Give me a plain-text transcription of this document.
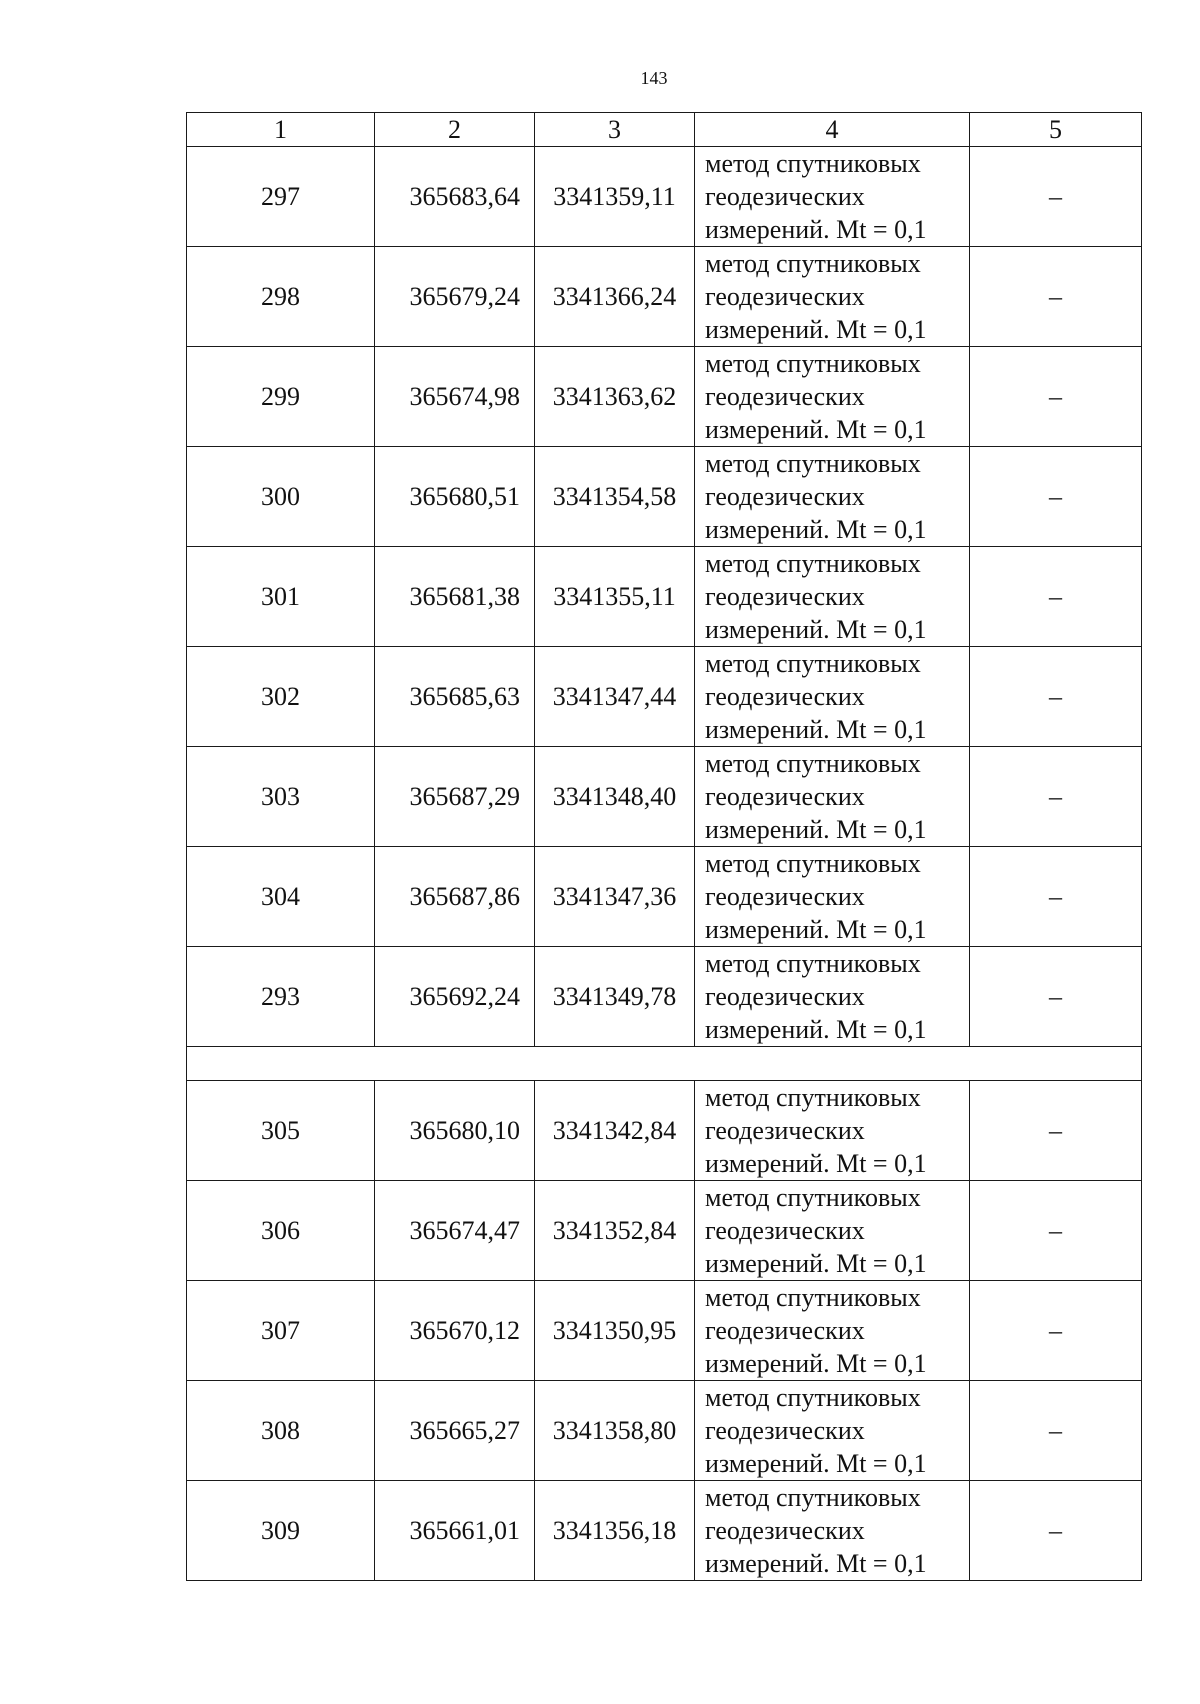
143
1	2	3	4	5
297	365683,64	3341359,11	метод спутниковых
геодезических
измерений. Mt = 0,1	–
298	365679,24	3341366,24	метод спутниковых
геодезических
измерений. Mt = 0,1	–
299	365674,98	3341363,62	метод спутниковых
геодезических
измерений. Mt = 0,1	–
300	365680,51	3341354,58	метод спутниковых
геодезических
измерений. Mt = 0,1	–
301	365681,38	3341355,11	метод спутниковых
геодезических
измерений. Mt = 0,1	–
302	365685,63	3341347,44	метод спутниковых
геодезических
измерений. Mt = 0,1	–
303	365687,29	3341348,40	метод спутниковых
геодезических
измерений. Mt = 0,1	–
304	365687,86	3341347,36	метод спутниковых
геодезических
измерений. Mt = 0,1	–
293	365692,24	3341349,78	метод спутниковых
геодезических
измерений. Mt = 0,1	–

305	365680,10	3341342,84	метод спутниковых
геодезических
измерений. Mt = 0,1	–
306	365674,47	3341352,84	метод спутниковых
геодезических
измерений. Mt = 0,1	–
307	365670,12	3341350,95	метод спутниковых
геодезических
измерений. Mt = 0,1	–
308	365665,27	3341358,80	метод спутниковых
геодезических
измерений. Mt = 0,1	–
309	365661,01	3341356,18	метод спутниковых
геодезических
измерений. Mt = 0,1	–
